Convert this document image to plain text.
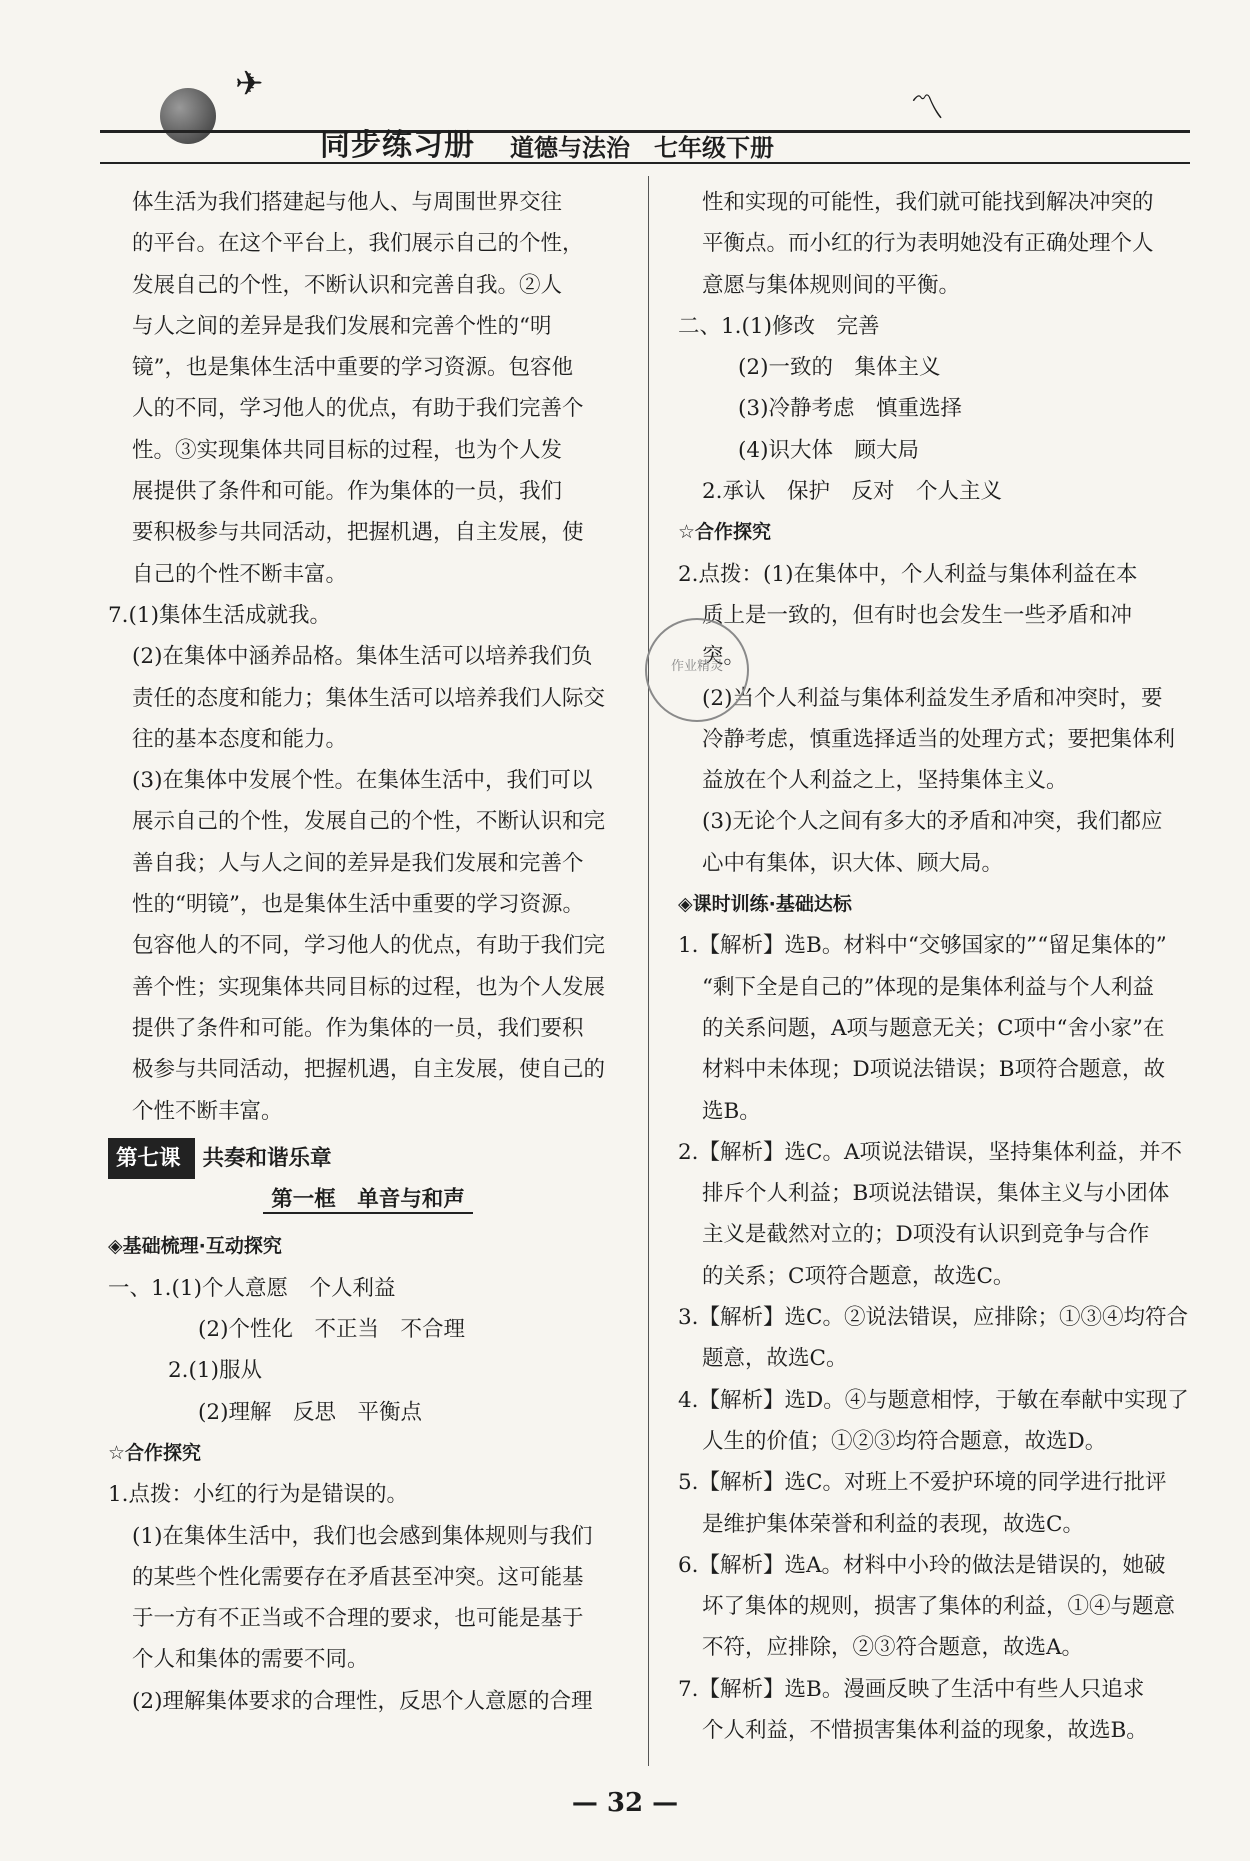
✈
〽
同步练习册 道德与法治　七年级下册
体生活为我们搭建起与他人、与周围世界交往
的平台。在这个平台上，我们展示自己的个性，
发展自己的个性，不断认识和完善自我。②人
与人之间的差异是我们发展和完善个性的“明
镜”，也是集体生活中重要的学习资源。包容他
人的不同，学习他人的优点，有助于我们完善个
性。③实现集体共同目标的过程，也为个人发
展提供了条件和可能。作为集体的一员，我们
要积极参与共同活动，把握机遇，自主发展，使
自己的个性不断丰富。
7.(1)集体生活成就我。
(2)在集体中涵养品格。集体生活可以培养我们负
责任的态度和能力；集体生活可以培养我们人际交
往的基本态度和能力。
(3)在集体中发展个性。在集体生活中，我们可以
展示自己的个性，发展自己的个性，不断认识和完
善自我；人与人之间的差异是我们发展和完善个
性的“明镜”，也是集体生活中重要的学习资源。
包容他人的不同，学习他人的优点，有助于我们完
善个性；实现集体共同目标的过程，也为个人发展
提供了条件和可能。作为集体的一员，我们要积
极参与共同活动，把握机遇，自主发展，使自己的
个性不断丰富。
第七课 共奏和谐乐章
第一框　单音与和声
◈基础梳理·互动探究
一、1.(1)个人意愿　个人利益
(2)个性化　不正当　不合理
2.(1)服从
(2)理解　反思　平衡点
☆合作探究
1.点拨：小红的行为是错误的。
(1)在集体生活中，我们也会感到集体规则与我们
的某些个性化需要存在矛盾甚至冲突。这可能基
于一方有不正当或不合理的要求，也可能是基于
个人和集体的需要不同。
(2)理解集体要求的合理性，反思个人意愿的合理
性和实现的可能性，我们就可能找到解决冲突的
平衡点。而小红的行为表明她没有正确处理个人
意愿与集体规则间的平衡。
二、1.(1)修改　完善
(2)一致的　集体主义
(3)冷静考虑　慎重选择
(4)识大体　顾大局
2.承认　保护　反对　个人主义
☆合作探究
2.点拨：(1)在集体中，个人利益与集体利益在本
质上是一致的，但有时也会发生一些矛盾和冲
突。
(2)当个人利益与集体利益发生矛盾和冲突时，要
冷静考虑，慎重选择适当的处理方式；要把集体利
益放在个人利益之上，坚持集体主义。
(3)无论个人之间有多大的矛盾和冲突，我们都应
心中有集体，识大体、顾大局。
◈课时训练·基础达标
1.【解析】选B。材料中“交够国家的”“留足集体的”
“剩下全是自己的”体现的是集体利益与个人利益
的关系问题，A项与题意无关；C项中“舍小家”在
材料中未体现；D项说法错误；B项符合题意，故
选B。
2.【解析】选C。A项说法错误，坚持集体利益，并不
排斥个人利益；B项说法错误，集体主义与小团体
主义是截然对立的；D项没有认识到竞争与合作
的关系；C项符合题意，故选C。
3.【解析】选C。②说法错误，应排除；①③④均符合
题意，故选C。
4.【解析】选D。④与题意相悖，于敏在奉献中实现了
人生的价值；①②③均符合题意，故选D。
5.【解析】选C。对班上不爱护环境的同学进行批评
是维护集体荣誉和利益的表现，故选C。
6.【解析】选A。材料中小玲的做法是错误的，她破
坏了集体的规则，损害了集体的利益，①④与题意
不符，应排除，②③符合题意，故选A。
7.【解析】选B。漫画反映了生活中有些人只追求
个人利益，不惜损害集体利益的现象，故选B。
作业精灵
— 32 —
